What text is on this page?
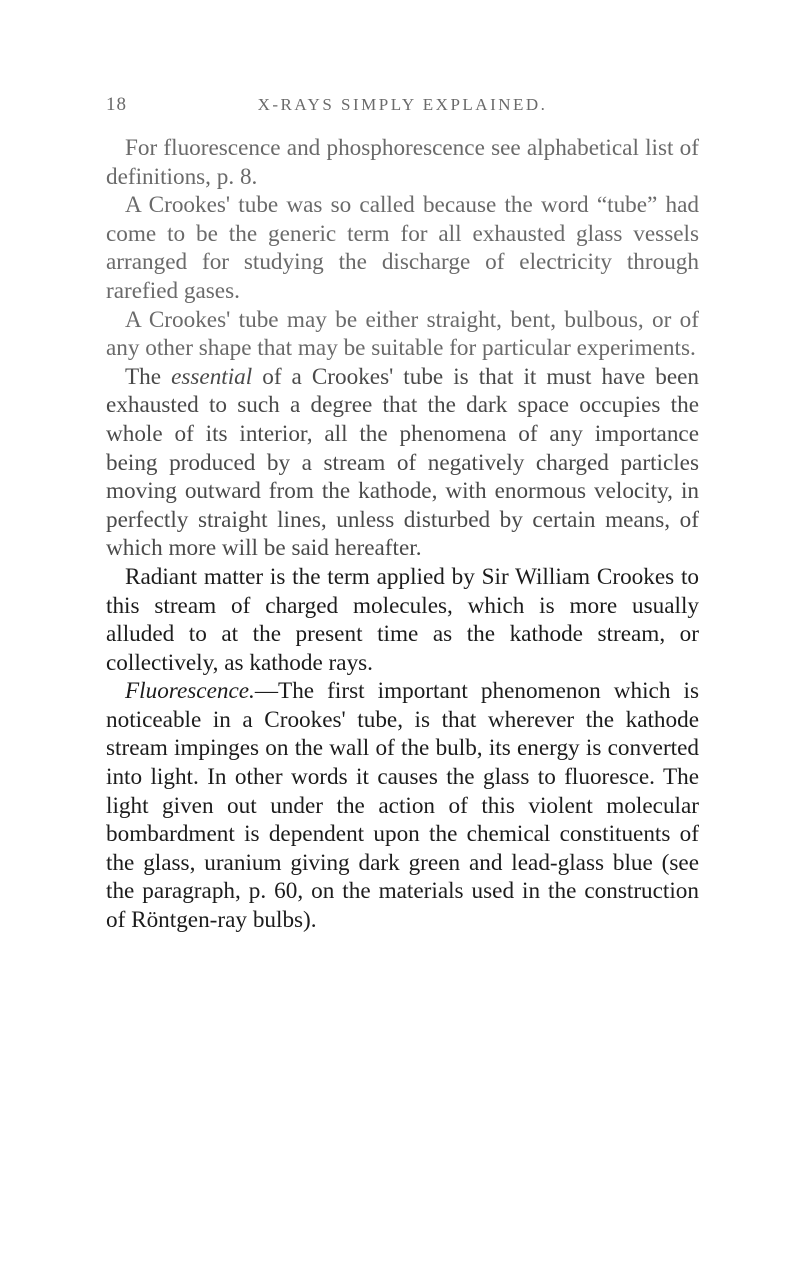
18	X-RAYS SIMPLY EXPLAINED.

For fluorescence and phosphorescence see alphabetical list of definitions, p. 8.

A Crookes' tube was so called because the word “tube” had come to be the generic term for all exhausted glass vessels arranged for studying the discharge of electricity through rarefied gases.

A Crookes' tube may be either straight, bent, bulbous, or of any other shape that may be suitable for particular experiments.

The essential of a Crookes' tube is that it must have been exhausted to such a degree that the dark space occupies the whole of its interior, all the phenomena of any importance being produced by a stream of negatively charged particles moving outward from the kathode, with enormous velocity, in perfectly straight lines, unless disturbed by certain means, of which more will be said hereafter.

Radiant matter is the term applied by Sir William Crookes to this stream of charged molecules, which is more usually alluded to at the present time as the kathode stream, or collectively, as kathode rays.

Fluorescence.—The first important phenomenon which is noticeable in a Crookes' tube, is that wherever the kathode stream impinges on the wall of the bulb, its energy is converted into light. In other words it causes the glass to fluoresce. The light given out under the action of this violent molecular bombardment is dependent upon the chemical constituents of the glass, uranium giving dark green and lead-glass blue (see the paragraph, p. 60, on the materials used in the construction of Röntgen-ray bulbs).
